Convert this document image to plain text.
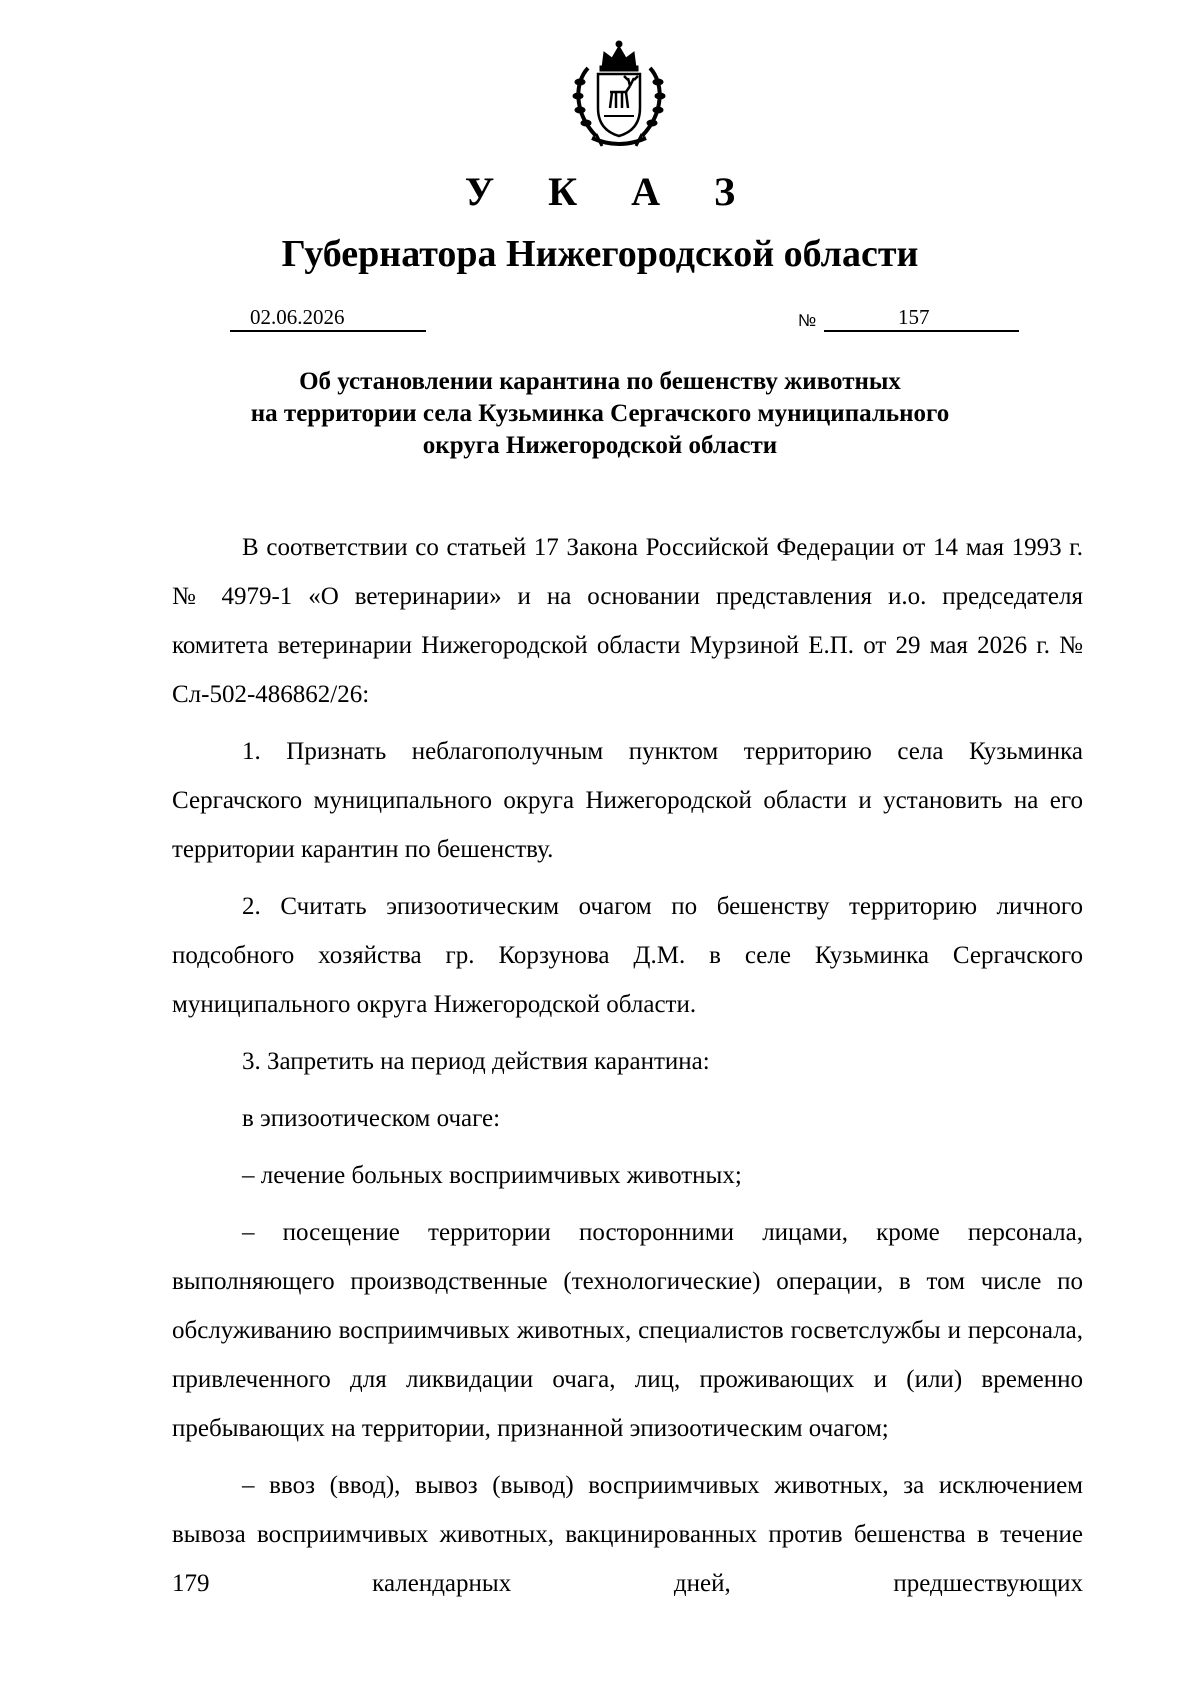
У К А З
Губернатора Нижегородской области
02.06.2026	№	157
Об установлении карантина по бешенству животных
на территории села Кузьминка Сергачского муниципального
округа Нижегородской области

В соответствии со статьей 17 Закона Российской Федерации от 14 мая 1993 г. № 4979-1 «О ветеринарии» и на основании представления и.о. председателя комитета ветеринарии Нижегородской области Мурзиной Е.П. от 29 мая 2026 г. № Сл-502-486862/26:

1. Признать неблагополучным пунктом территорию села Кузьминка Сергачского муниципального округа Нижегородской области и установить на его территории карантин по бешенству.

2. Считать эпизоотическим очагом по бешенству территорию личного подсобного хозяйства гр. Корзунова Д.М. в селе Кузьминка Сергачского муниципального округа Нижегородской области.

3. Запретить на период действия карантина:

в эпизоотическом очаге:

– лечение больных восприимчивых животных;

– посещение территории посторонними лицами, кроме персонала, выполняющего производственные (технологические) операции, в том числе по обслуживанию восприимчивых животных, специалистов госветслужбы и персонала, привлеченного для ликвидации очага, лиц, проживающих и (или) временно пребывающих на территории, признанной эпизоотическим очагом;

– ввоз (ввод), вывоз (вывод) восприимчивых животных, за исключением вывоза восприимчивых животных, вакцинированных против бешенства в течение 179 календарных дней, предшествующих
